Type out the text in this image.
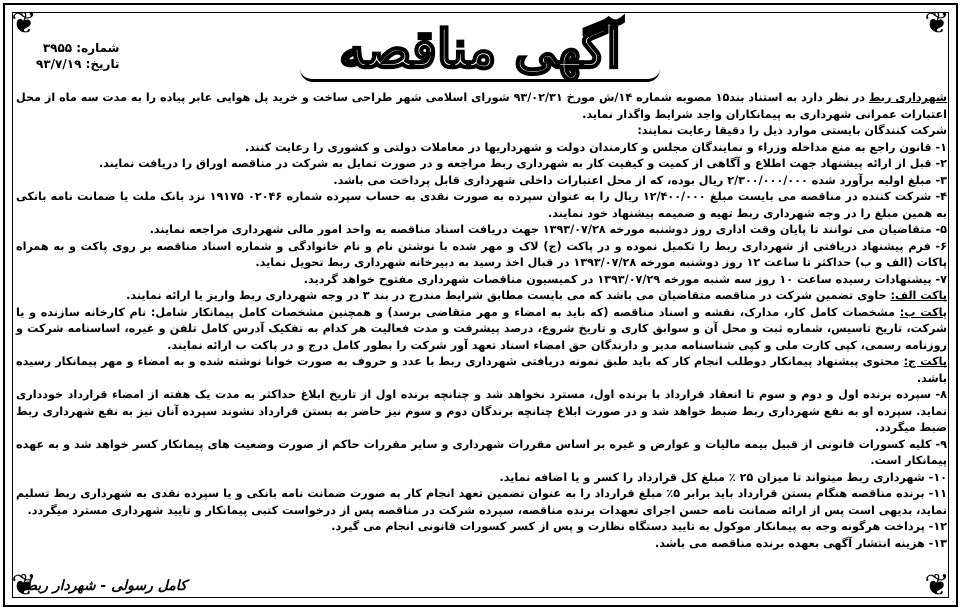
❦	❦
❦	❦
آگهی مناقصه
شماره: ۳۹۵۵
تاریخ: ۹۳/۷/۱۹

شهرداری ربط در نظر دارد به استناد بند۱۵ مصوبه شماره ۱۴/ش مورخ ۹۳/۰۲/۳۱ شورای اسلامی شهر طراحی ساخت و خرید پل هوایی عابر پیاده را به مدت سه ماه از محل اعتبارات عمرانی شهرداری به پیمانکاران واجد شرایط واگذار نماید.

شرکت کنندگان بایستی موارد ذیل را دقیقا رعایت نمایند:

۱- قانون راجع به منع مداخله وزراء و نمایندگان مجلس و کارمندان دولت و شهرداریها در معاملات دولتی و کشوری را رعایت کنند.

۲- قبل از ارائه پیشنهاد جهت اطلاع و آگاهی از کمیت و کیفیت کار به شهرداری ربط مراجعه و در صورت تمایل به شرکت در مناقصه اوراق را دریافت نمایند.

۳- مبلغ اولیه برآورد شده ۲/۳۰۰/۰۰۰/۰۰۰ ریال بوده، که از محل اعتبارات داخلی شهرداری قابل پرداخت می باشد.

۴- شرکت کننده در مناقصه می بایست مبلغ ۱۲/۴۰۰/۰۰۰ ریال را به عنوان سپرده به صورت نقدی به حساب سپرده شماره ۰۲۰۴۶ ۱۹۱۷۵ نزد بانک ملت یا ضمانت نامه بانکی به همین مبلغ را در وجه شهرداری ربط تهیه و ضمیمه پیشنهاد خود نمایند.

۵- متقاضیان می توانند تا پایان وقت اداری روز دوشنبه مورخه ۱۳۹۳/۰۷/۲۸ جهت دریافت اسناد مناقصه به واحد امور مالی شهرداری مراجعه نمایند.

۶- فرم پیشنهاد دریافتی از شهرداری ربط را تکمیل نموده و در پاکت (ج) لاک و مهر شده با نوشتن نام و نام خانوادگی و شماره اسناد مناقصه بر روی پاکت و به همراه پاکات (الف و ب) حداکثر تا ساعت ۱۲ روز دوشنبه مورخه ۱۳۹۳/۰۷/۲۸ در قبال اخذ رسید به دبیرخانه شهرداری ربط تحویل نماید.

۷- پیشنهادات رسیده ساعت ۱۰ روز سه شنبه مورخه ۱۳۹۳/۰۷/۲۹ در کمیسیون مناقصات شهرداری مفتوح خواهد گردید.

پاکت الف: حاوی تضمین شرکت در مناقصه متقاضیان می باشد که می بایست مطابق شرایط مندرج در بند ۳ در وجه شهرداری ربط واریز یا ارائه نمایند.

پاکت ب: مشخصات کامل کار، مدارک، نقشه و اسناد مناقصه (که باید به امضاء و مهر متقاضی برسد) و همچنین مشخصات کامل پیمانکار شامل: نام کارخانه سازنده و یا شرکت، تاریخ تاسیس، شماره ثبت و محل آن و سوابق کاری و تاریخ شروع، درصد پیشرفت و مدت فعالیت هر کدام به تفکیک آدرس کامل تلفن و غیره، اساسنامه شرکت و روزنامه رسمی، کپی کارت ملی و کپی شناسنامه مدیر و دارندگان حق امضاء اسناد تعهد آور شرکت را بطور کامل درج و در پاکت ب ارائه نمایند.

پاکت ج: محتوی پیشنهاد پیمانکار دوطلب انجام کار که باید طبق نمونه دریافتی شهرداری ربط با عدد و حروف به صورت خوانا نوشته شده و به امضاء و مهر پیمانکار رسیده باشد.

۸- سپرده برنده اول و دوم و سوم تا انعقاد قرارداد با برنده اول، مسترد نخواهد شد و چنانچه برنده اول از تاریخ ابلاغ حداکثر به مدت یک هفته از امضاء قرارداد خودداری نماید. سپرده او به نفع شهرداری ربط ضبط خواهد شد و در صورت ابلاغ چنانچه برندگان دوم و سوم نیز حاضر به بستن قرارداد نشوند سپرده آنان نیز به نفع شهرداری ربط ضبط میگردد.

۹- کلیه کسورات قانونی از قبیل بیمه مالیات و عوارض و غیره بر اساس مقررات شهرداری و سایر مقررات حاکم از صورت وضعیت های پیمانکار کسر خواهد شد و به عهده پیمانکار است.

۱۰- شهرداری ربط میتواند تا میزان ۲۵ ٪ مبلغ کل قرارداد را کسر و یا اضافه نماید.

۱۱- برنده مناقصه هنگام بستن قرارداد باید برابر ۵٪ مبلغ قرارداد را به عنوان تضمین تعهد انجام کار به صورت ضمانت نامه بانکی و یا سپرده نقدی به شهرداری ربط تسلیم نماید، بدیهی است پس از ارائه ضمانت نامه حسن اجرای تعهدات برنده مناقصه، سپرده شرکت در مناقصه پس از درخواست کتبی پیمانکار و تایید شهرداری مسترد میگردد.

۱۲- پرداخت هرگونه وجه به پیمانکار موکول به تایید دستگاه نظارت و پس از کسر کسورات قانونی انجام می گیرد.

۱۳- هزینه انتشار آگهی بعهده برنده مناقصه می باشد.

کامل رسولی - شهردار ربط
